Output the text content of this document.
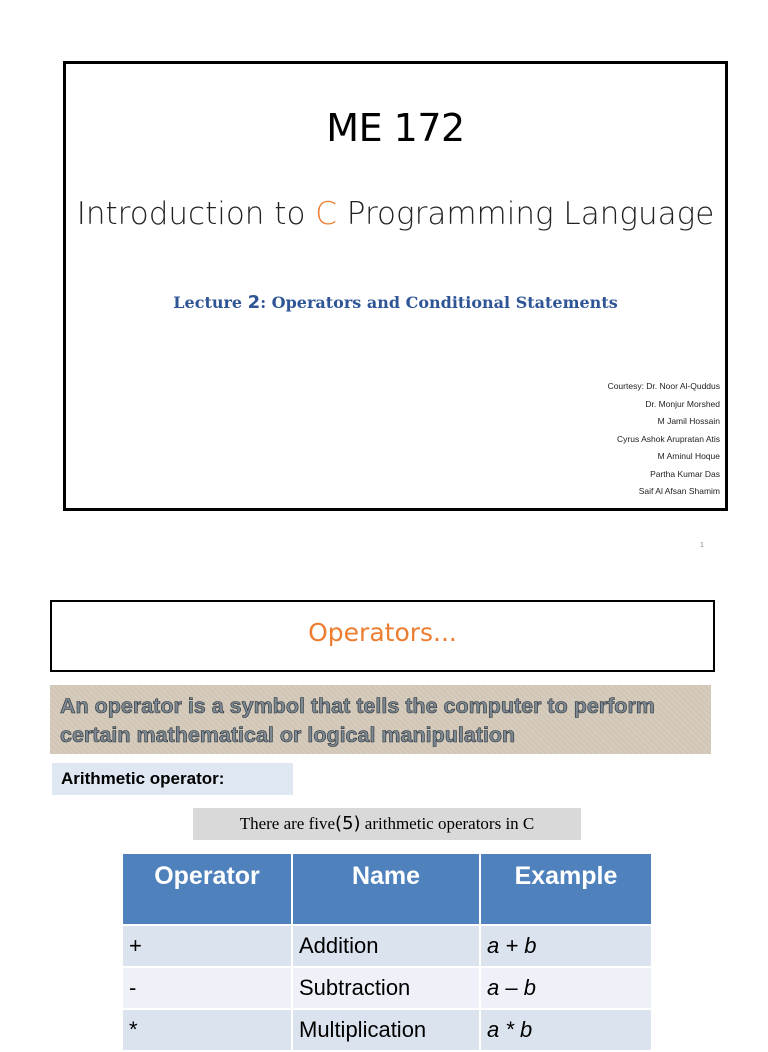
ME 172
Introduction to C Programming Language
Lecture 2: Operators and Conditional Statements
Courtesy: Dr. Noor Al-Quddus
Dr. Monjur Morshed
M Jamil Hossain
Cyrus Ashok Arupratan Atis
M Aminul Hoque
Partha Kumar Das
Saif Al Afsan Shamim
1
Operators...
An operator is a symbol that tells the computer to perform
certain mathematical or logical manipulation
Arithmetic operator:
There are five(5) arithmetic operators in C
Operator	Name	Example
+	Addition	a + b
-	Subtraction	a – b
*	Multiplication	a * b
